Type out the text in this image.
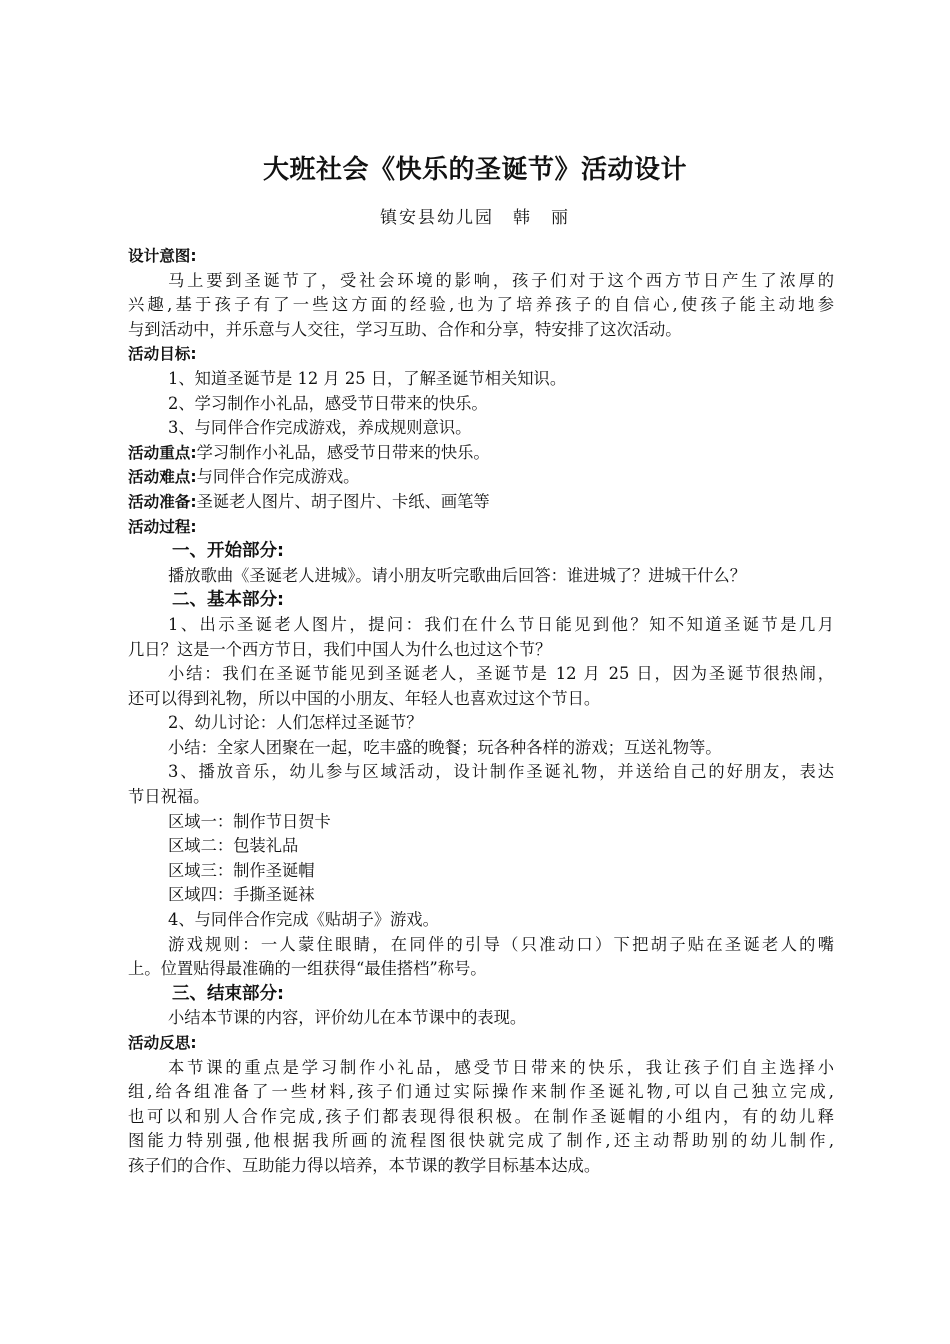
大班社会《快乐的圣诞节》活动设计
镇安县幼儿园　韩　丽
设计意图:
马上要到圣诞节了，受社会环境的影响，孩子们对于这个西方节日产生了浓厚的
兴趣,基于孩子有了一些这方面的经验,也为了培养孩子的自信心,使孩子能主动地参
与到活动中，并乐意与人交往，学习互助、合作和分享，特安排了这次活动。
活动目标:
1、知道圣诞节是 12 月 25 日，了解圣诞节相关知识。
2、学习制作小礼品，感受节日带来的快乐。
3、与同伴合作完成游戏，养成规则意识。
活动重点:学习制作小礼品，感受节日带来的快乐。
活动难点:与同伴合作完成游戏。
活动准备:圣诞老人图片、胡子图片、卡纸、画笔等
活动过程:
一、开始部分:
播放歌曲《圣诞老人进城》。请小朋友听完歌曲后回答：谁进城了？进城干什么？
二、基本部分:
1、出示圣诞老人图片，提问：我们在什么节日能见到他？知不知道圣诞节是几月
几日？这是一个西方节日，我们中国人为什么也过这个节？
小结：我们在圣诞节能见到圣诞老人，圣诞节是 12 月 25 日，因为圣诞节很热闹，
还可以得到礼物，所以中国的小朋友、年轻人也喜欢过这个节日。
2、幼儿讨论：人们怎样过圣诞节？
小结：全家人团聚在一起，吃丰盛的晚餐；玩各种各样的游戏；互送礼物等。
3、播放音乐，幼儿参与区域活动，设计制作圣诞礼物，并送给自己的好朋友，表达
节日祝福。
区域一：制作节日贺卡
区域二：包装礼品
区域三：制作圣诞帽
区域四：手撕圣诞袜
4、与同伴合作完成《贴胡子》游戏。
游戏规则：一人蒙住眼睛，在同伴的引导（只准动口）下把胡子贴在圣诞老人的嘴
上。位置贴得最准确的一组获得“最佳搭档”称号。
三、结束部分:
小结本节课的内容，评价幼儿在本节课中的表现。
活动反思:
本节课的重点是学习制作小礼品，感受节日带来的快乐，我让孩子们自主选择小
组,给各组准备了一些材料,孩子们通过实际操作来制作圣诞礼物,可以自己独立完成,
也可以和别人合作完成,孩子们都表现得很积极。在制作圣诞帽的小组内，有的幼儿释
图能力特别强,他根据我所画的流程图很快就完成了制作,还主动帮助别的幼儿制作,
孩子们的合作、互助能力得以培养，本节课的教学目标基本达成。
